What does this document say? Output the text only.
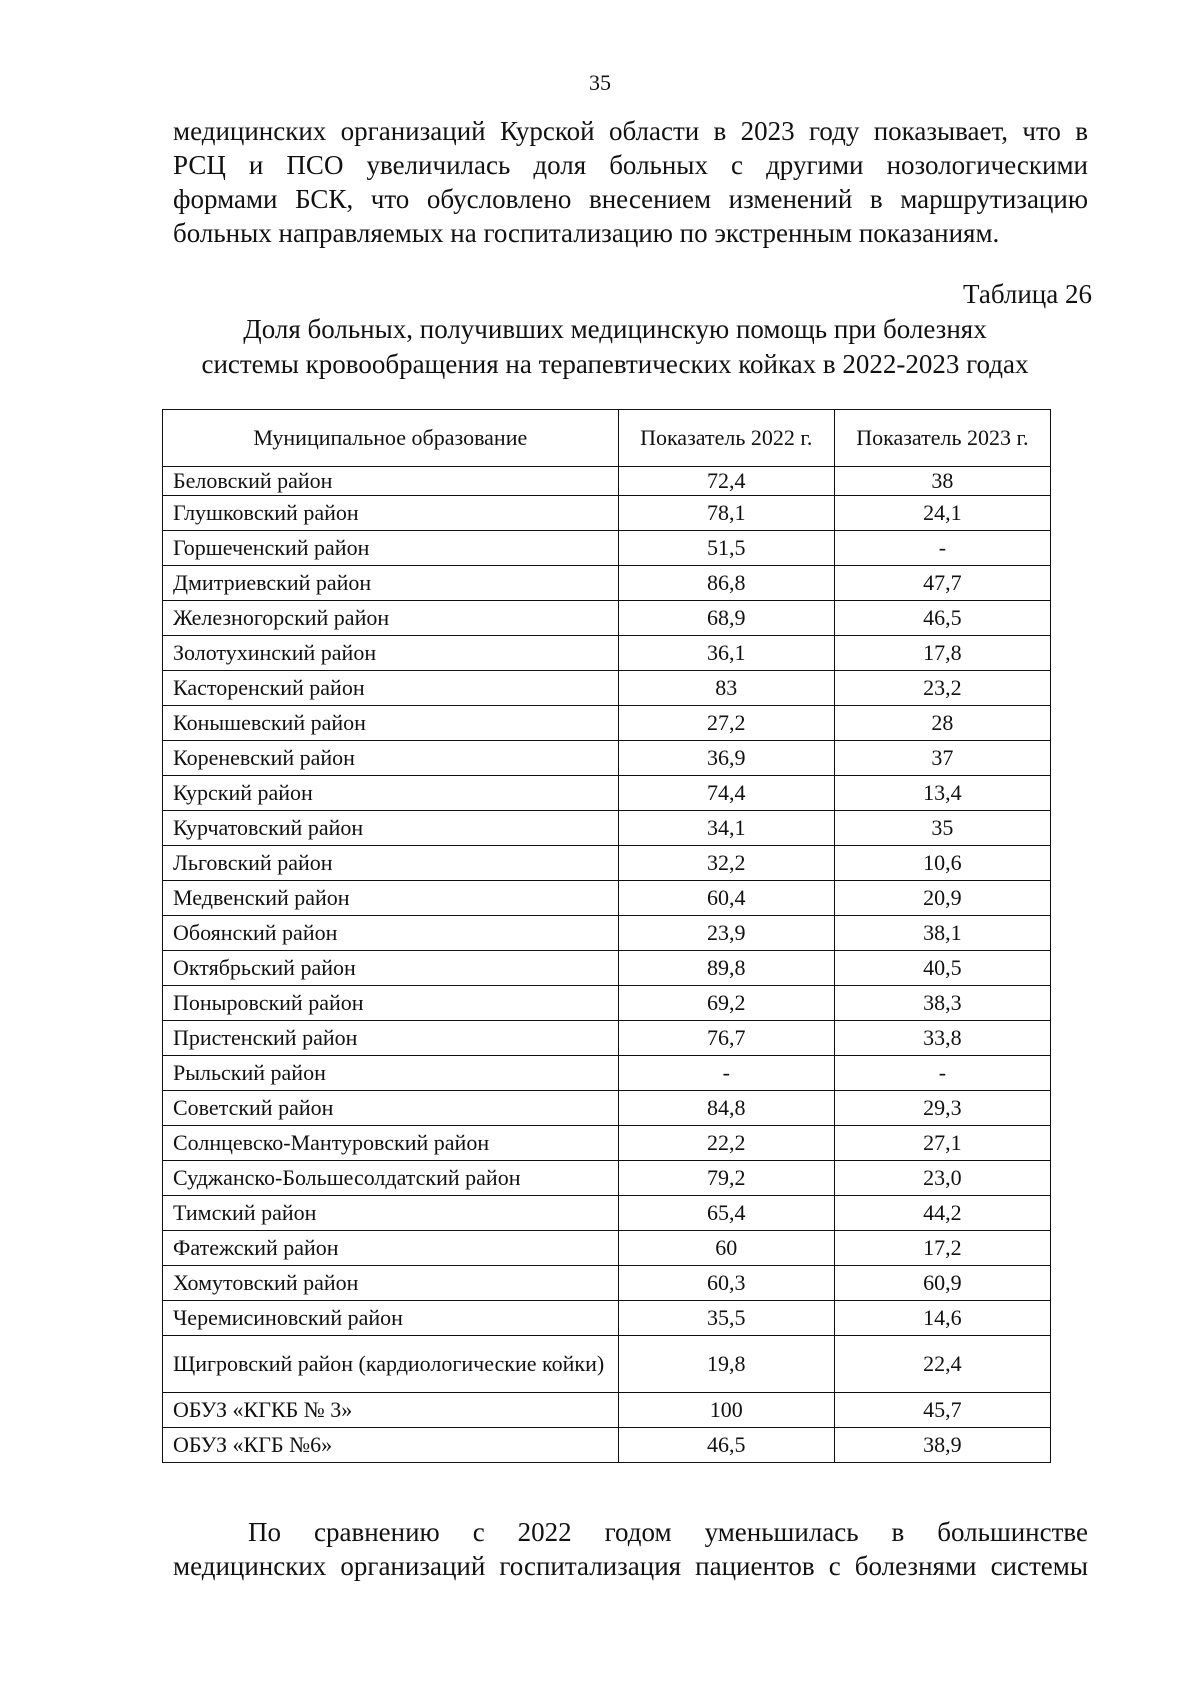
35
медицинских организаций Курской области в 2023 году показывает, что в
РСЦ и ПСО увеличилась доля больных с другими нозологическими
формами БСК, что обусловлено внесением изменений в маршрутизацию
больных направляемых на госпитализацию по экстренным показаниям.
Таблица 26
Доля больных, получивших медицинскую помощь при болезнях
системы кровообращения на терапевтических койках в 2022-2023 годах
Муниципальное образование	Показатель 2022 г.	Показатель 2023 г.
Беловский район	72,4	38
Глушковский район	78,1	24,1
Горшеченский район	51,5	-
Дмитриевский район	86,8	47,7
Железногорский район	68,9	46,5
Золотухинский район	36,1	17,8
Касторенский район	83	23,2
Конышевский район	27,2	28
Кореневский район	36,9	37
Курский район	74,4	13,4
Курчатовский район	34,1	35
Льговский район	32,2	10,6
Медвенский район	60,4	20,9
Обоянский район	23,9	38,1
Октябрьский район	89,8	40,5
Поныровский район	69,2	38,3
Пристенский район	76,7	33,8
Рыльский район	-	-
Советский район	84,8	29,3
Солнцевско-Мантуровский район	22,2	27,1
Суджанско-Большесолдатский район	79,2	23,0
Тимский район	65,4	44,2
Фатежский район	60	17,2
Хомутовский район	60,3	60,9
Черемисиновский район	35,5	14,6
Щигровский район (кардиологические койки)	19,8	22,4
ОБУЗ «КГКБ № 3»	100	45,7
ОБУЗ «КГБ №6»	46,5	38,9
По сравнению с 2022 годом уменьшилась в большинстве
медицинских организаций госпитализация пациентов с болезнями системы
